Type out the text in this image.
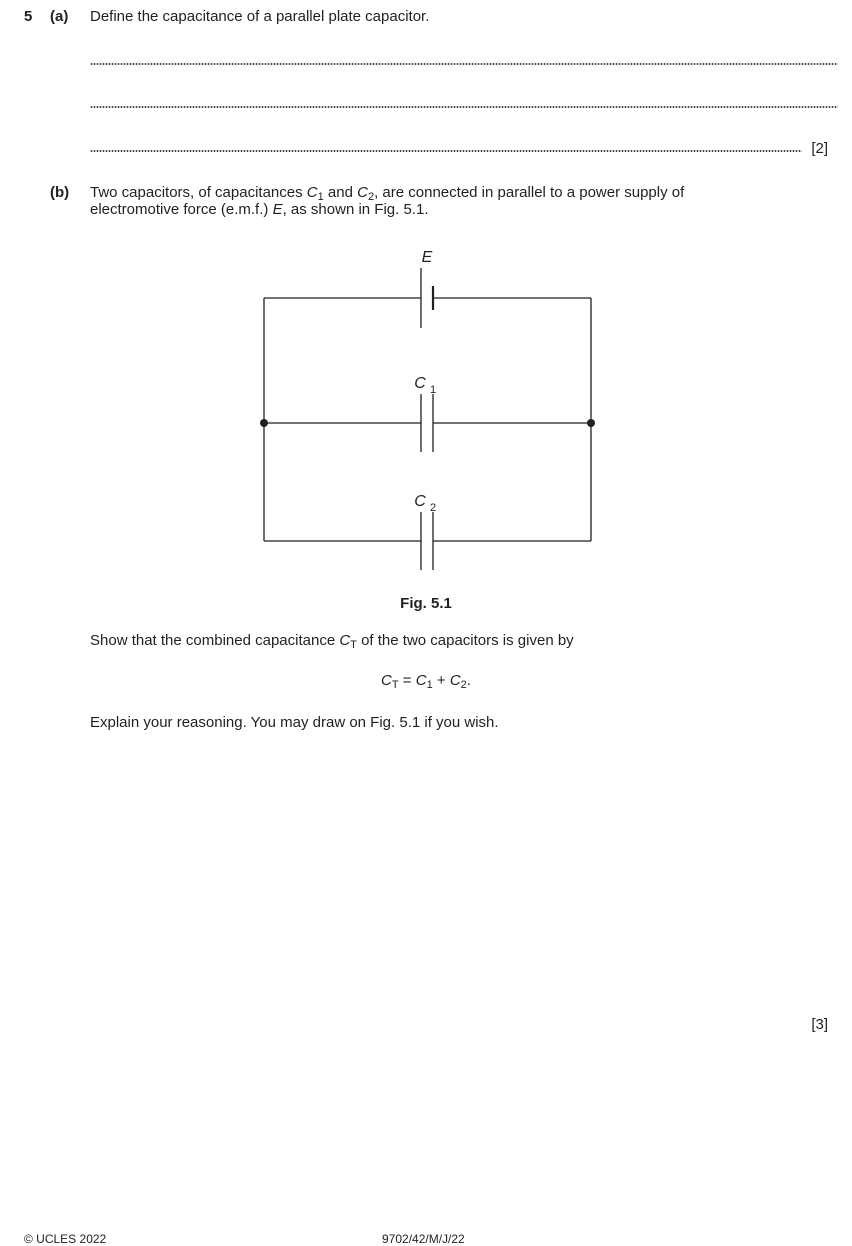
5 (a) Define the capacitance of a parallel plate capacitor.
[2]
(b) Two capacitors, of capacitances $C_1$ and $C_2$, are connected in parallel to a power supply of
electromotive force (e.m.f.) E, as shown in Fig. 5.1.
E
C 1
C 2
Fig. 5.1
Show that the combined capacitance $C_T$ of the two capacitors is given by
$C_T = C_1 + C_2$.
Explain your reasoning. You may draw on Fig. 5.1 if you wish.
[3]
© UCLES 2022	9702/42/M/J/22
